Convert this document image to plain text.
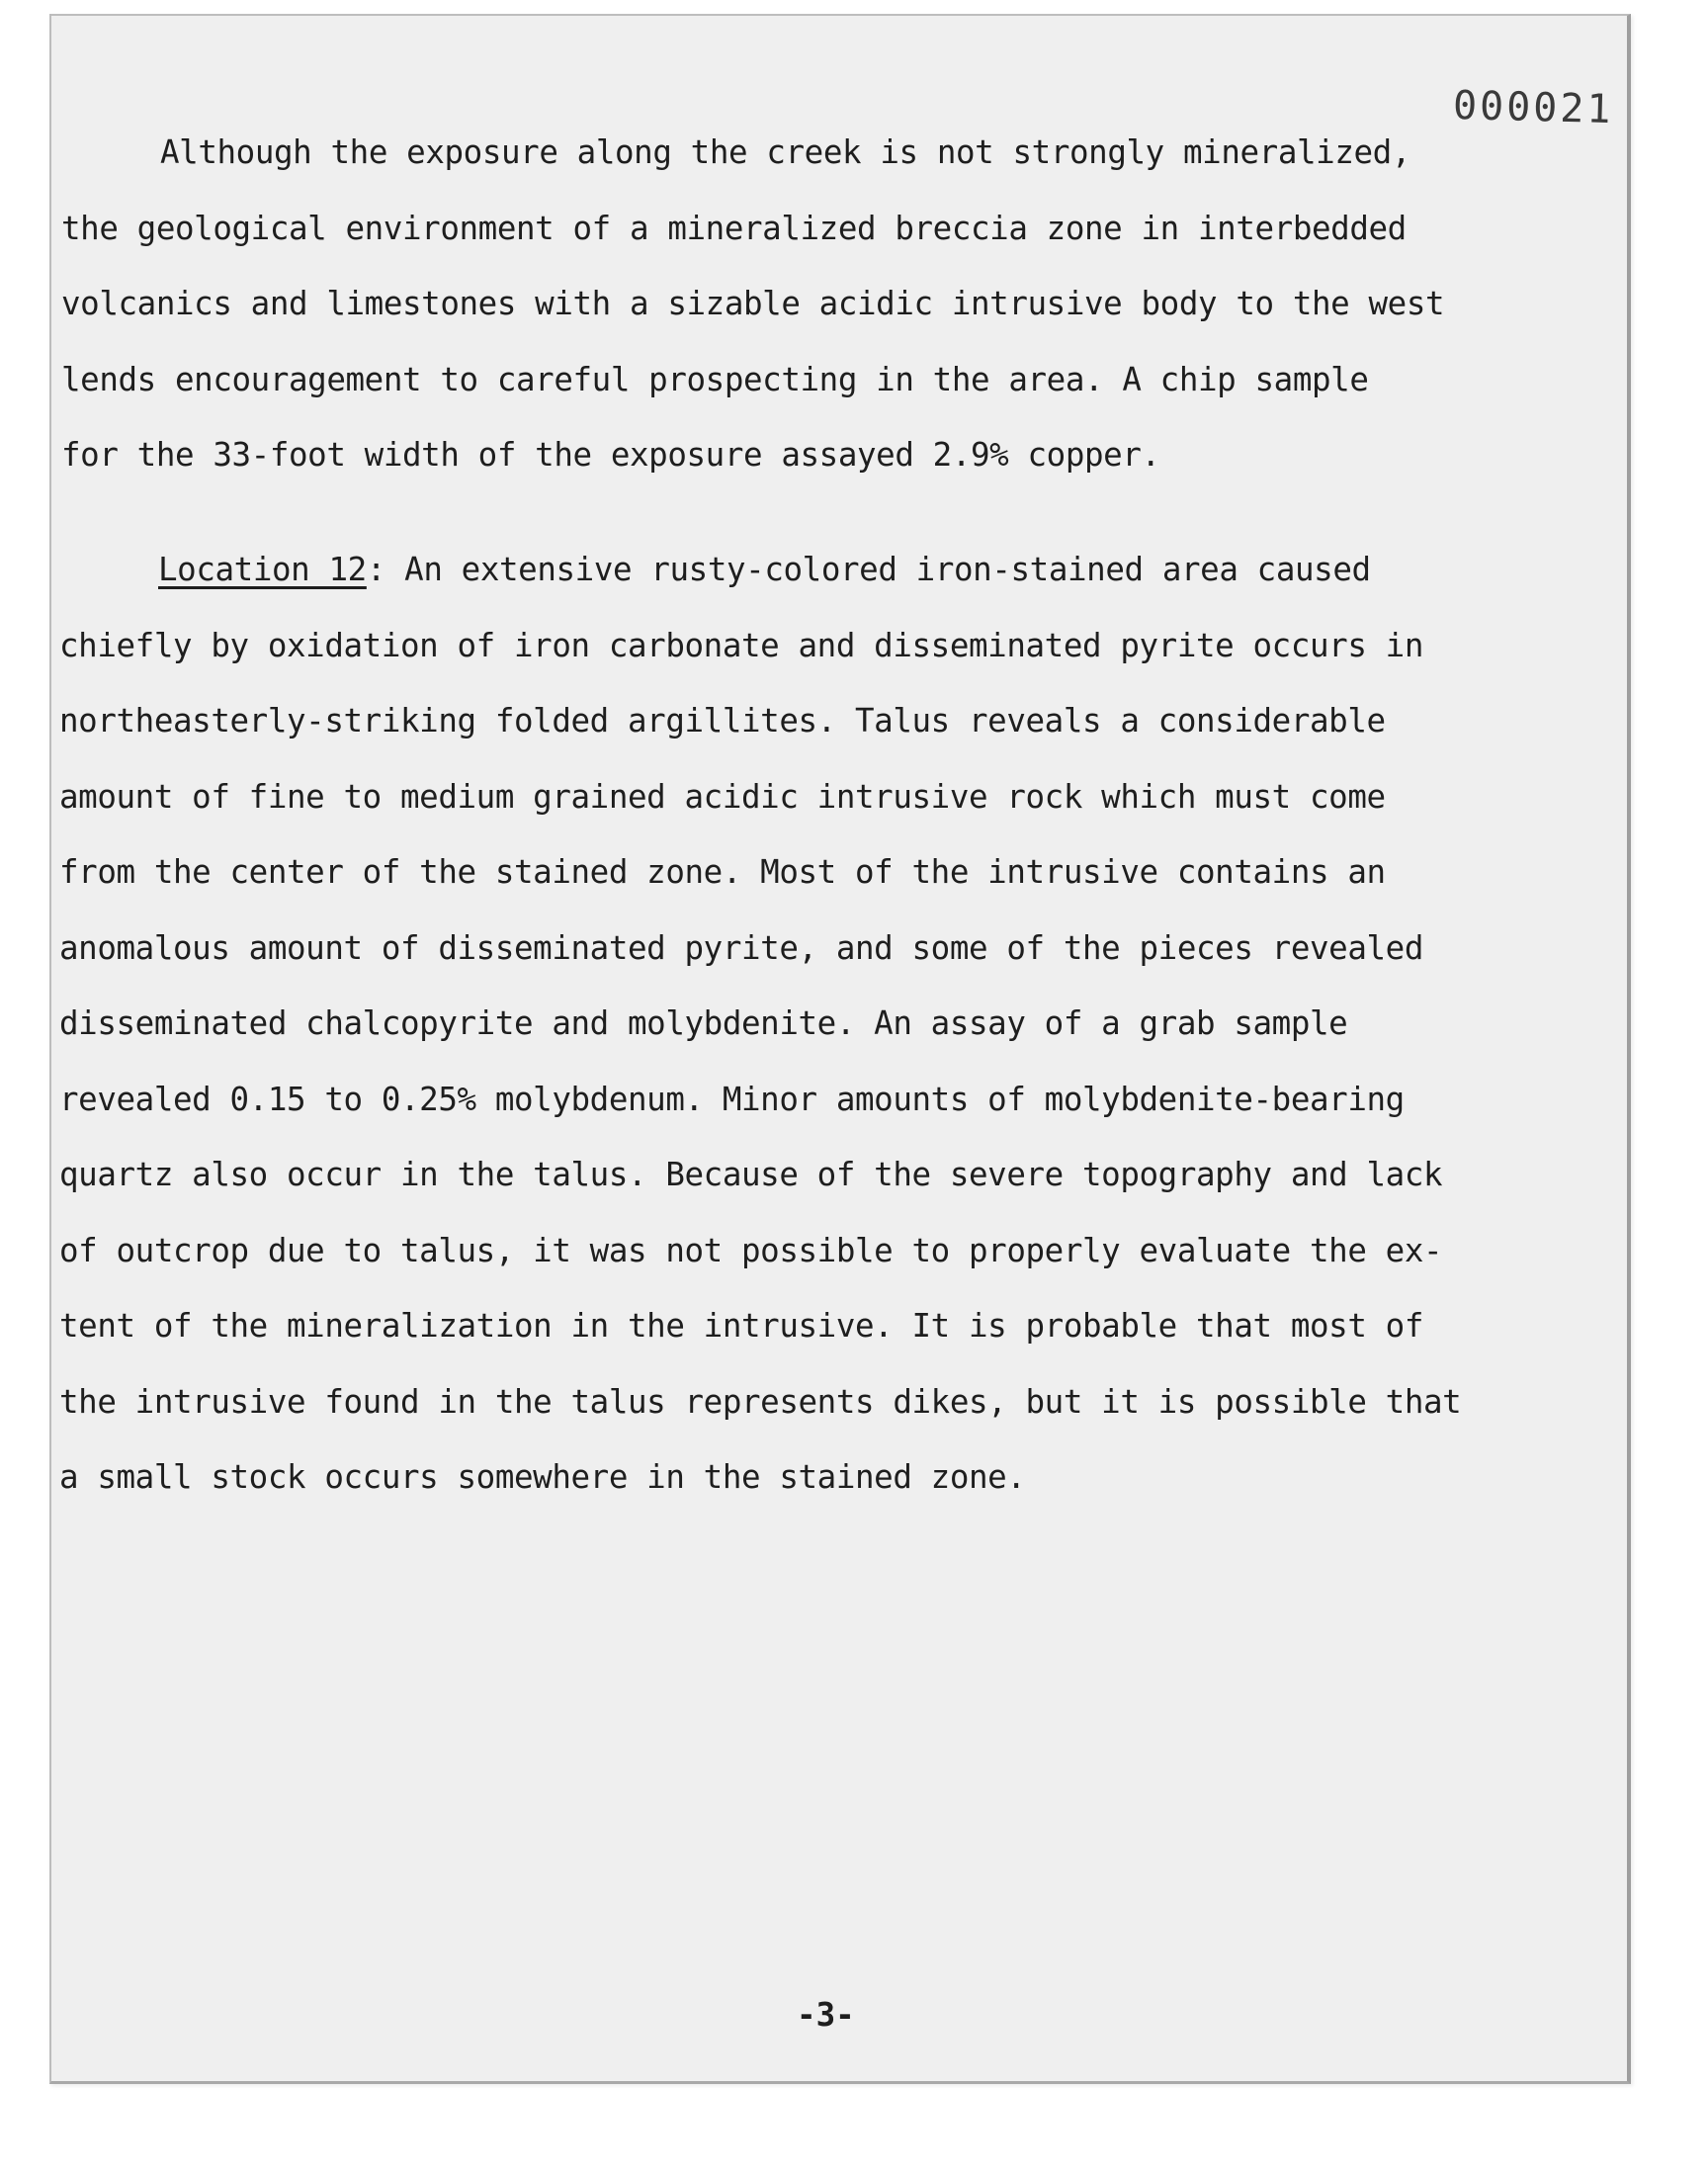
000021
Although the exposure along the creek is not strongly mineralized,
the geological environment of a mineralized breccia zone in interbedded
volcanics and limestones with a sizable acidic intrusive body to the west
lends encouragement to careful prospecting in the area. A chip sample
for the 33-foot width of the exposure assayed 2.9% copper.
Location 12: An extensive rusty-colored iron-stained area caused
chiefly by oxidation of iron carbonate and disseminated pyrite occurs in
northeasterly-striking folded argillites. Talus reveals a considerable
amount of fine to medium grained acidic intrusive rock which must come
from the center of the stained zone. Most of the intrusive contains an
anomalous amount of disseminated pyrite, and some of the pieces revealed
disseminated chalcopyrite and molybdenite. An assay of a grab sample
revealed 0.15 to 0.25% molybdenum. Minor amounts of molybdenite-bearing
quartz also occur in the talus. Because of the severe topography and lack
of outcrop due to talus, it was not possible to properly evaluate the ex-
tent of the mineralization in the intrusive. It is probable that most of
the intrusive found in the talus represents dikes, but it is possible that
a small stock occurs somewhere in the stained zone.
-3-
